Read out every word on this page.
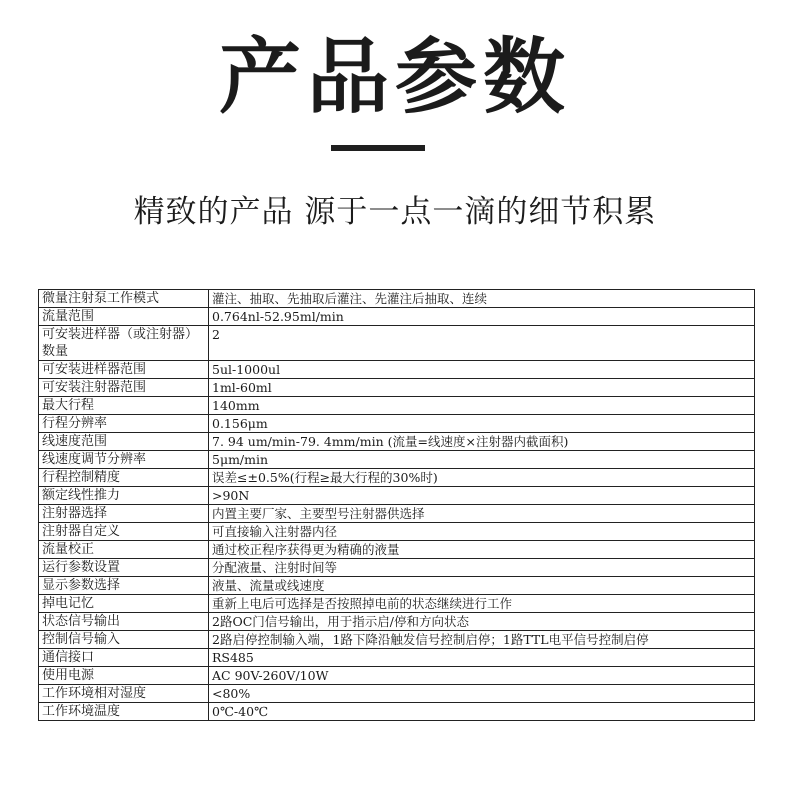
产品参数
精致的产品 源于一点一滴的细节积累
微量注射泵工作模式	灌注、抽取、先抽取后灌注、先灌注后抽取、连续
流量范围	0.764nl-52.95ml/min
可安装进样器（或注射器）数量	2
可安装进样器范围	5ul-1000ul
可安装注射器范围	1ml-60ml
最大行程	140mm
行程分辨率	0.156μm
线速度范围	7. 94 um/min-79. 4mm/min (流量=线速度×注射器内截面积)
线速度调节分辨率	5μm/min
行程控制精度	误差≤±0.5%(行程≥最大行程的30%时)
额定线性推力	>90N
注射器选择	内置主要厂家、主要型号注射器供选择
注射器自定义	可直接输入注射器内径
流量校正	通过校正程序获得更为精确的液量
运行参数设置	分配液量、注射时间等
显示参数选择	液量、流量或线速度
掉电记忆	重新上电后可选择是否按照掉电前的状态继续进行工作
状态信号输出	2路OC门信号输出，用于指示启/停和方向状态
控制信号输入	2路启停控制输入端，1路下降沿触发信号控制启停；1路TTL电平信号控制启停
通信接口	RS485
使用电源	AC 90V-260V/10W
工作环境相对湿度	<80%
工作环境温度	0℃-40℃
